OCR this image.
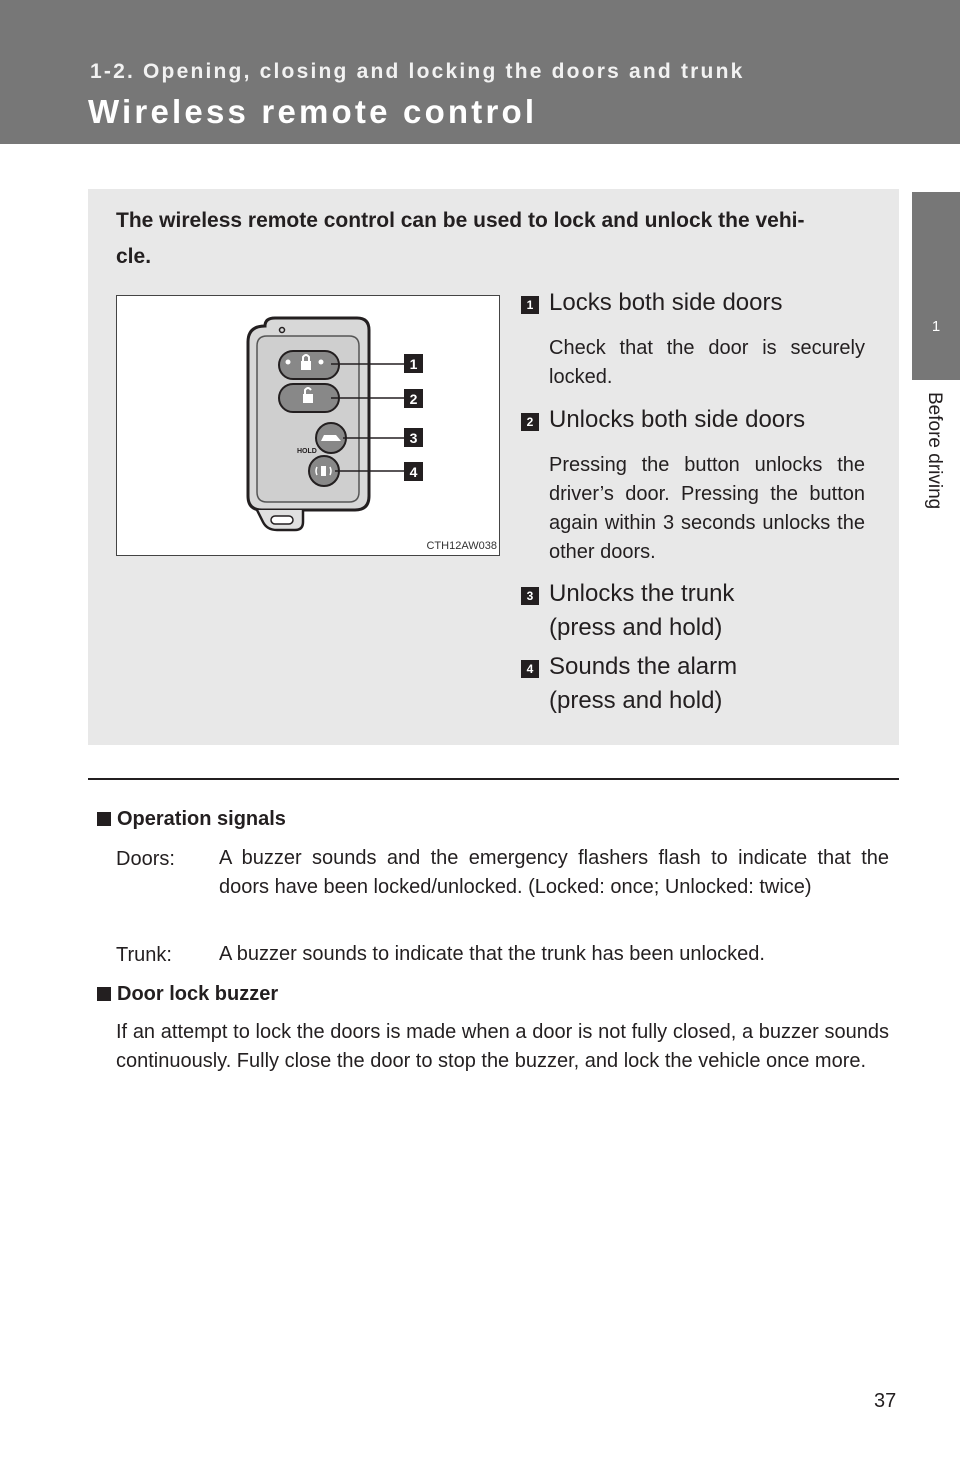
1-2. Opening, closing and locking the doors and trunk
Wireless remote control
1
Before driving
The wireless remote control can be used to lock and unlock the vehi-
cle.
HOLD
1
2
3
4
CTH12AW038
1 Locks both side doors
Check that the door is securely locked.
2 Unlocks both side doors
Pressing the button unlocks the driver’s door. Pressing the button again within 3 seconds unlocks the other doors.
3 Unlocks the trunk
(press and hold)
4 Sounds the alarm
(press and hold)
Operation signals
Doors: A buzzer sounds and the emergency flashers flash to indicate that the doors have been locked/unlocked. (Locked: once; Unlocked: twice)
Trunk: A buzzer sounds to indicate that the trunk has been unlocked.
Door lock buzzer
If an attempt to lock the doors is made when a door is not fully closed, a buzzer sounds continuously. Fully close the door to stop the buzzer, and lock the vehicle once more.
37
